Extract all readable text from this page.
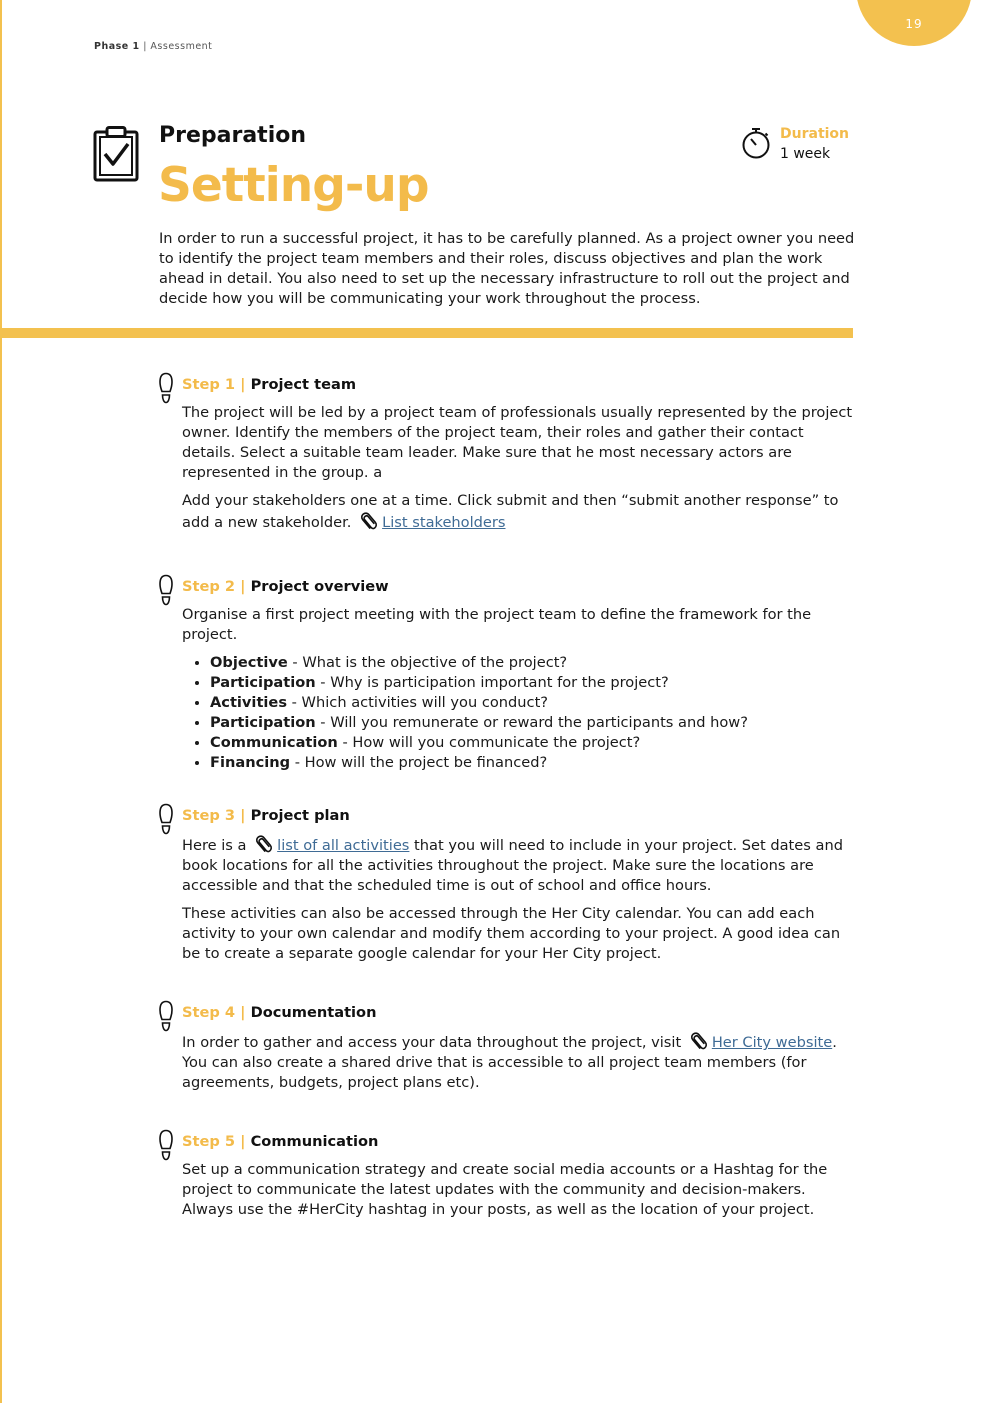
19
Phase 1 | Assessment
Preparation
Setting-up
Duration
1 week

In order to run a successful project, it has to be carefully planned. As a project owner you need to identify the project team members and their roles, discuss objectives and plan the work ahead in detail. You also need to set up the necessary infrastructure to roll out the project and decide how you will be communicating your work throughout the process.

Step 1 | Project team

The project will be led by a project team of professionals usually represented by the project owner. Identify the members of the project team, their roles and gather their contact details. Select a suitable team leader. Make sure that he most necessary actors are represented in the group. a

Add your stakeholders one at a time. Click submit and then “submit another response” to add a new stakeholder. List stakeholders

Step 2 | Project overview

Organise a first project meeting with the project team to define the framework for the project.

• Objective - What is the objective of the project?
• Participation - Why is participation important for the project?
• Activities - Which activities will you conduct?
• Participation - Will you remunerate or reward the participants and how?
• Communication - How will you communicate the project?
• Financing - How will the project be financed?
Step 3 | Project plan

Here is a list of all activities that you will need to include in your project. Set dates and book locations for all the activities throughout the project. Make sure the locations are accessible and that the scheduled time is out of school and office hours.

These activities can also be accessed through the Her City calendar. You can add each activity to your own calendar and modify them according to your project. A good idea can be to create a separate google calendar for your Her City project.

Step 4 | Documentation

In order to gather and access your data throughout the project, visit Her City website. You can also create a shared drive that is accessible to all project team members (for agreements, budgets, project plans etc).

Step 5 | Communication

Set up a communication strategy and create social media accounts or a Hashtag for the project to communicate the latest updates with the community and decision-makers. Always use the #HerCity hashtag in your posts, as well as the location of your project.
